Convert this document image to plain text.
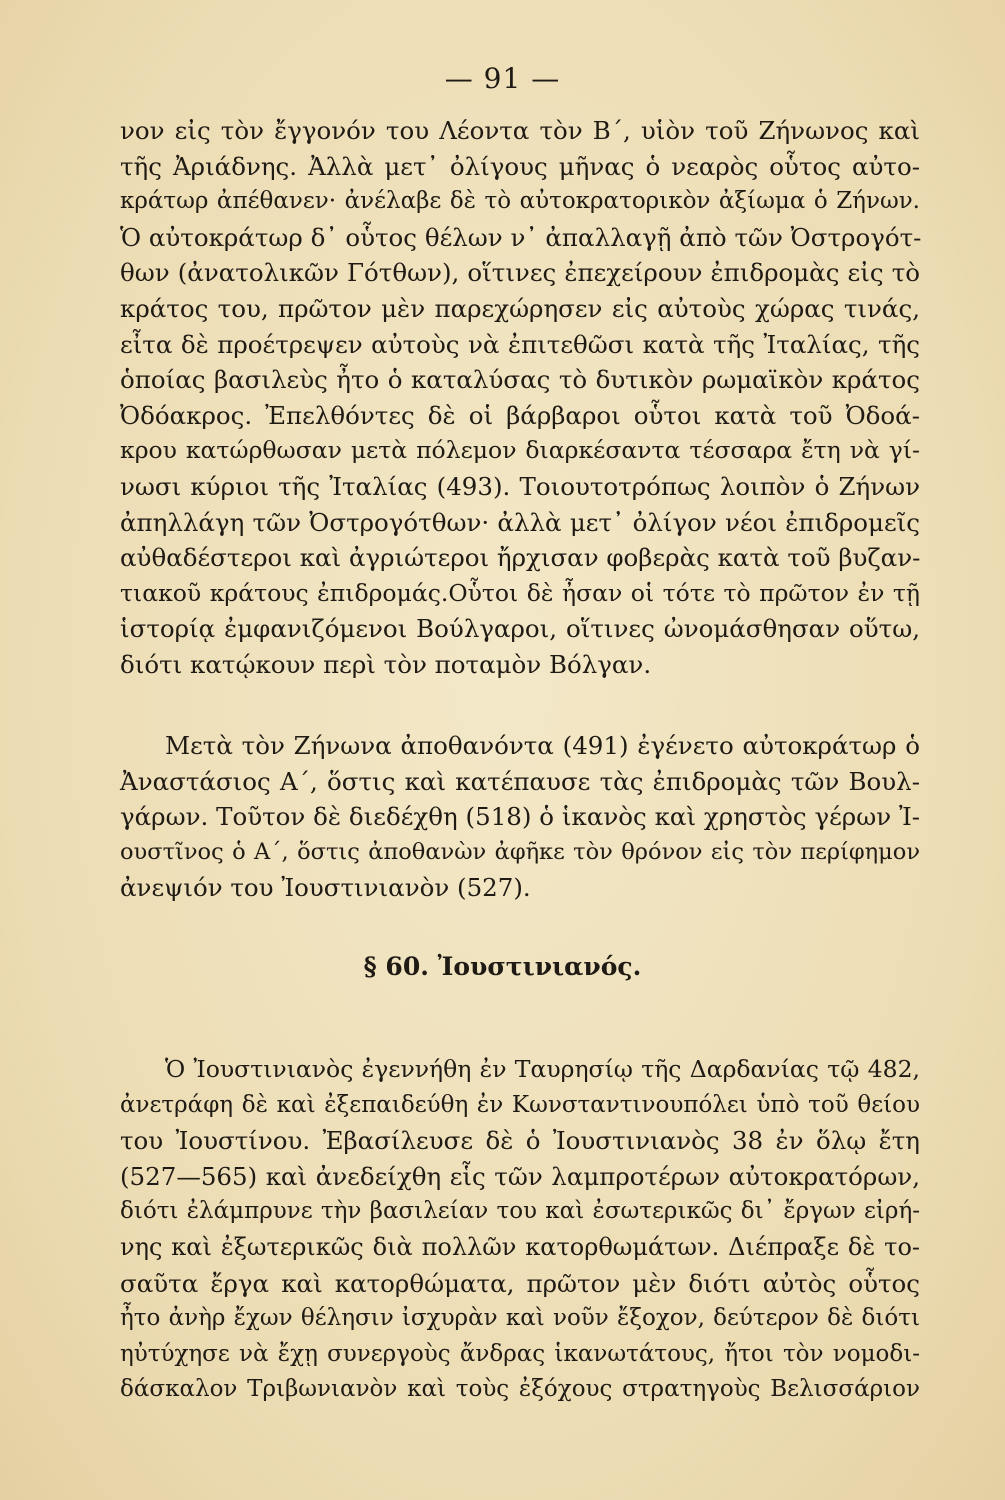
— 91 —
νον εἰς τὸν ἔγγονόν του Λέοντα τὸν Β΄, υἱὸν τοῦ Ζήνωνος καὶ
τῆς Ἀριάδνης. Ἀλλὰ μετ᾽ ὀλίγους μῆνας ὁ νεαρὸς οὗτος αὐτο-
κράτωρ ἀπέθανεν· ἀνέλαβε δὲ τὸ αὐτοκρατορικὸν ἀξίωμα ὁ Ζήνων.
Ὁ αὐτοκράτωρ δ᾽ οὗτος θέλων ν᾽ ἀπαλλαγῇ ἀπὸ τῶν Ὀστρογότ-
θων (ἀνατολικῶν Γότθων), οἵτινες ἐπεχείρουν ἐπιδρομὰς εἰς τὸ
κράτος του, πρῶτον μὲν παρεχώρησεν εἰς αὐτοὺς χώρας τινάς,
εἶτα δὲ προέτρεψεν αὐτοὺς νὰ ἐπιτεθῶσι κατὰ τῆς Ἰταλίας, τῆς
ὁποίας βασιλεὺς ἦτο ὁ καταλύσας τὸ δυτικὸν ρωμαϊκὸν κράτος
Ὀδόακρος. Ἐπελθόντες δὲ οἱ βάρβαροι οὗτοι κατὰ τοῦ Ὀδοά-
κρου κατώρθωσαν μετὰ πόλεμον διαρκέσαντα τέσσαρα ἔτη νὰ γί-
νωσι κύριοι τῆς Ἰταλίας (493). Τοιουτοτρόπως λοιπὸν ὁ Ζήνων
ἀπηλλάγη τῶν Ὀστρογότθων· ἀλλὰ μετ᾽ ὀλίγον νέοι ἐπιδρομεῖς
αὐθαδέστεροι καὶ ἀγριώτεροι ἤρχισαν φοβερὰς κατὰ τοῦ βυζαν-
τιακοῦ κράτους ἐπιδρομάς.Οὗτοι δὲ ἦσαν οἱ τότε τὸ πρῶτον ἐν τῇ
ἱστορίᾳ ἐμφανιζόμενοι Βούλγαροι, οἵτινες ὠνομάσθησαν οὕτω,
διότι κατῴκουν περὶ τὸν ποταμὸν Βόλγαν.
Μετὰ τὸν Ζήνωνα ἀποθανόντα (491) ἐγένετο αὐτοκράτωρ ὁ
Ἀναστάσιος Α΄, ὅστις καὶ κατέπαυσε τὰς ἐπιδρομὰς τῶν Βουλ-
γάρων. Τοῦτον δὲ διεδέχθη (518) ὁ ἱκανὸς καὶ χρηστὸς γέρων Ἰ-
ουστῖνος ὁ Α΄, ὅστις ἀποθανὼν ἀφῆκε τὸν θρόνον εἰς τὸν περίφημον
ἀνεψιόν του Ἰουστινιανὸν (527).
§ 60. Ἰουστινιανός.
Ὁ Ἰουστινιανὸς ἐγεννήθη ἐν Ταυρησίῳ τῆς Δαρδανίας τῷ 482,
ἀνετράφη δὲ καὶ ἐξεπαιδεύθη ἐν Κωνσταντινουπόλει ὑπὸ τοῦ θείου
του Ἰουστίνου. Ἐβασίλευσε δὲ ὁ Ἰουστινιανὸς 38 ἐν ὅλῳ ἔτη
(527—565) καὶ ἀνεδείχθη εἷς τῶν λαμπροτέρων αὐτοκρατόρων,
διότι ἐλάμπρυνε τὴν βασιλείαν του καὶ ἐσωτερικῶς δι᾽ ἔργων εἰρή-
νης καὶ ἐξωτερικῶς διὰ πολλῶν κατορθωμάτων. Διέπραξε δὲ το-
σαῦτα ἔργα καὶ κατορθώματα, πρῶτον μὲν διότι αὐτὸς οὗτος
ἦτο ἀνὴρ ἔχων θέλησιν ἰσχυρὰν καὶ νοῦν ἔξοχον, δεύτερον δὲ διότι
ηὐτύχησε νὰ ἔχῃ συνεργοὺς ἄνδρας ἱκανωτάτους, ἤτοι τὸν νομοδι-
δάσκαλον Τριβωνιανὸν καὶ τοὺς ἐξόχους στρατηγοὺς Βελισσάριον
